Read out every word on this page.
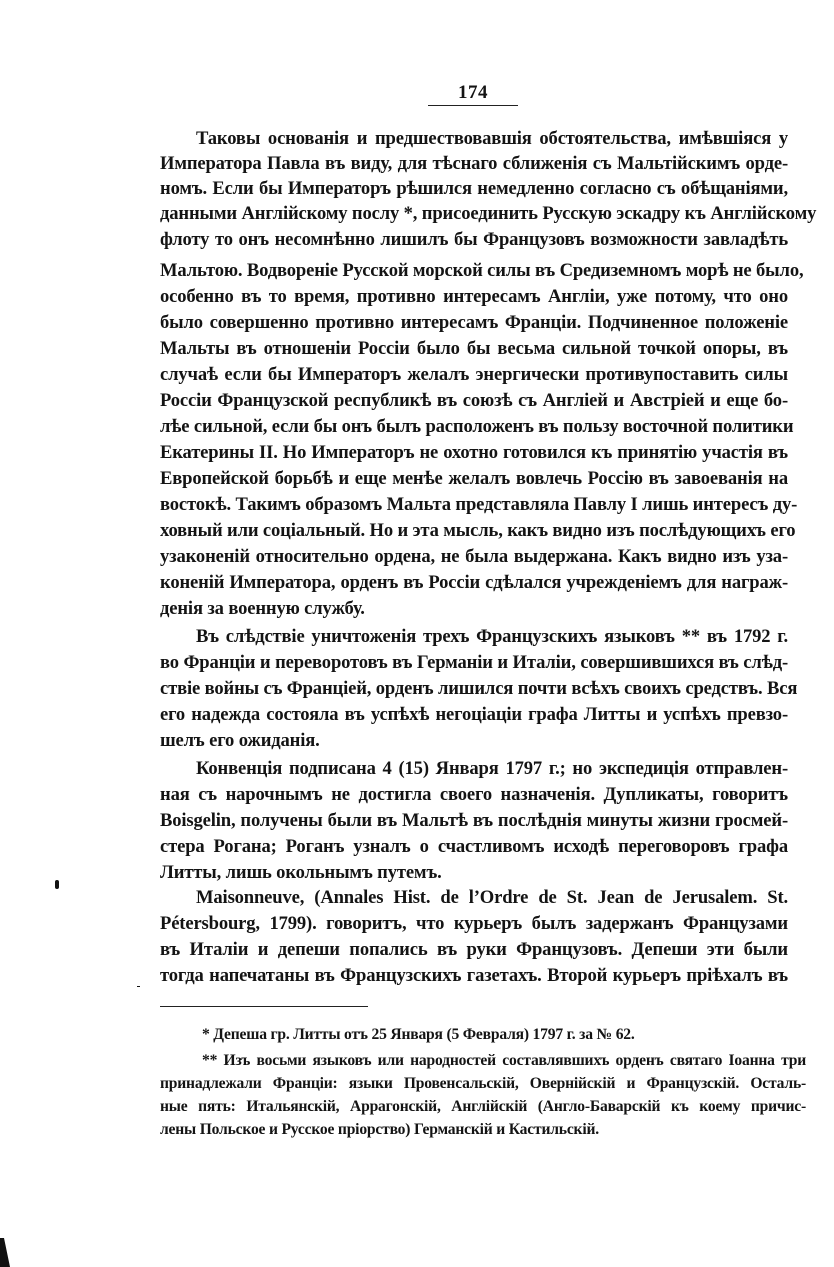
174
Таковы основанія и предшествовавшія обстоятельства, имѣвшіяся у
Императора Павла въ виду, для тѣснаго сближенія съ Мальтійскимъ орде-
номъ. Если бы Императоръ рѣшился немедленно согласно съ обѣщаніями,
данными Англійскому послу *, присоединить Русскую эскадру къ Англійскому
флоту то онъ несомнѣнно лишилъ бы Французовъ возможности завладѣть
Мальтою. Водвореніе Русской морской силы въ Средиземномъ морѣ не было,
особенно въ то время, противно интересамъ Англіи, уже потому, что оно
было совершенно противно интересамъ Франціи. Подчиненное положеніе
Мальты въ отношеніи Россіи было бы весьма сильной точкой опоры, въ
случаѣ если бы Императоръ желалъ энергически противупоставить силы
Россіи Французской республикѣ въ союзѣ съ Англіей и Австріей и еще бо-
лѣе сильной, если бы онъ былъ расположенъ въ пользу восточной политики
Екатерины II. Но Императоръ не охотно готовился къ принятію участія въ
Европейской борьбѣ и еще менѣе желалъ вовлечь Россію въ завоеванія на
востокѣ. Такимъ образомъ Мальта представляла Павлу I лишь интересъ ду-
ховный или соціальный. Но и эта мысль, какъ видно изъ послѣдующихъ его
узаконеній относительно ордена, не была выдержана. Какъ видно изъ уза-
коненій Императора, орденъ въ Россіи сдѣлался учрежденіемъ для награж-
денія за военную службу.
Въ слѣдствіе уничтоженія трехъ Французскихъ языковъ ** въ 1792 г.
во Франціи и переворотовъ въ Германіи и Италіи, совершившихся въ слѣд-
ствіе войны съ Франціей, орденъ лишился почти всѣхъ своихъ средствъ. Вся
его надежда состояла въ успѣхѣ негоціаціи графа Литты и успѣхъ превзо-
шелъ его ожиданія.
Конвенція подписана 4 (15) Января 1797 г.; но экспедиція отправлен-
ная съ нарочнымъ не достигла своего назначенія. Дупликаты, говоритъ
Boisgelin, получены были въ Мальтѣ въ послѣднія минуты жизни гросмей-
стера Рогана; Роганъ узналъ о счастливомъ исходѣ переговоровъ графа
Литты, лишь окольнымъ путемъ.
Maisonneuve, (Annales Hist. de l’Ordre de St. Jean de Jerusalem. St.
Pétersbourg, 1799). говоритъ, что курьеръ былъ задержанъ Французами
въ Италіи и депеши попались въ руки Французовъ. Депеши эти были
тогда напечатаны въ Французскихъ газетахъ. Второй курьеръ пріѣхалъ въ
* Депеша гр. Литты отъ 25 Января (5 Февраля) 1797 г. за № 62.
** Изъ восьми языковъ или народностей составлявшихъ орденъ святаго Іоанна три
принадлежали Франціи: языки Провенсальскій, Овернійскій и Французскій. Осталь-
ные пять: Итальянскій, Аррагонскій, Англійскій (Англо-Баварскій къ коему причис-
лены Польское и Русское пріорство) Германскій и Кастильскій.
